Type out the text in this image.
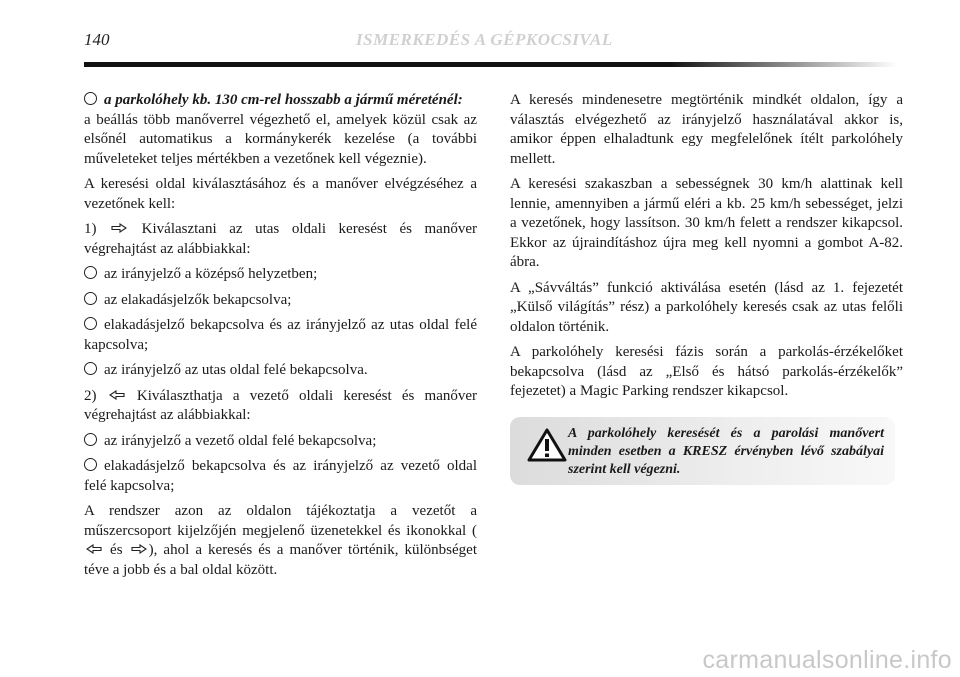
140	ISMERKEDÉS A GÉPKOCSIVAL

a parkolóhely kb. 130 cm-rel hosszabb a jármű méreténél:
a beállás több manőverrel végezhető el, amelyek közül csak az elsőnél automatikus a kormánykerék kezelése (a további műveleteket teljes mértékben a vezetőnek kell végeznie).

A keresési oldal kiválasztásához és a manőver elvégzéséhez a vezetőnek kell:

1)	Kiválasztani az utas oldali keresést és manőver végrehajtást az alábbiakkal:

az irányjelző a középső helyzetben;

az elakadásjelzők bekapcsolva;

elakadásjelző bekapcsolva és az irányjelző az utas oldal felé kapcsolva;

az irányjelző az utas oldal felé bekapcsolva.

2)	Kiválaszthatja a vezető oldali keresést és manőver végrehajtást az alábbiakkal:

az irányjelző a vezető oldal felé bekapcsolva;

elakadásjelző bekapcsolva és az irányjelző az vezető oldal felé kapcsolva;

A rendszer azon az oldalon tájékoztatja a vezetőt a műszercsoport kijelzőjén megjelenő üzenetekkel és ikonokkal ( és ), ahol a keresés és a manőver történik, különbséget téve a jobb és a bal oldal között.

A keresés mindenesetre megtörténik mindkét oldalon, így a választás elvégezhető az irányjelző használatával akkor is, amikor éppen elhaladtunk egy megfelelőnek ítélt parkolóhely mellett.

A keresési szakaszban a sebességnek 30 km/h alattinak kell lennie, amennyiben a jármű eléri a kb. 25 km/h sebességet, jelzi a vezetőnek, hogy lassítson. 30 km/h felett a rendszer kikapcsol. Ekkor az újraindításhoz újra meg kell nyomni a gombot A-82. ábra.

A „Sávváltás” funkció aktiválása esetén (lásd az 1. fejezetét „Külső világítás” rész) a parkolóhely keresés csak az utas felőli oldalon történik.

A parkolóhely keresési fázis során a parkolás-érzékelőket bekapcsolva (lásd az „Első és hátsó parkolás-érzékelők” fejezetet) a Magic Parking rendszer kikapcsol.

A parkolóhely keresését és a parolási manővert minden esetben a KRESZ érvényben lévő szabályai szerint kell végezni.
carmanualsonline.info
